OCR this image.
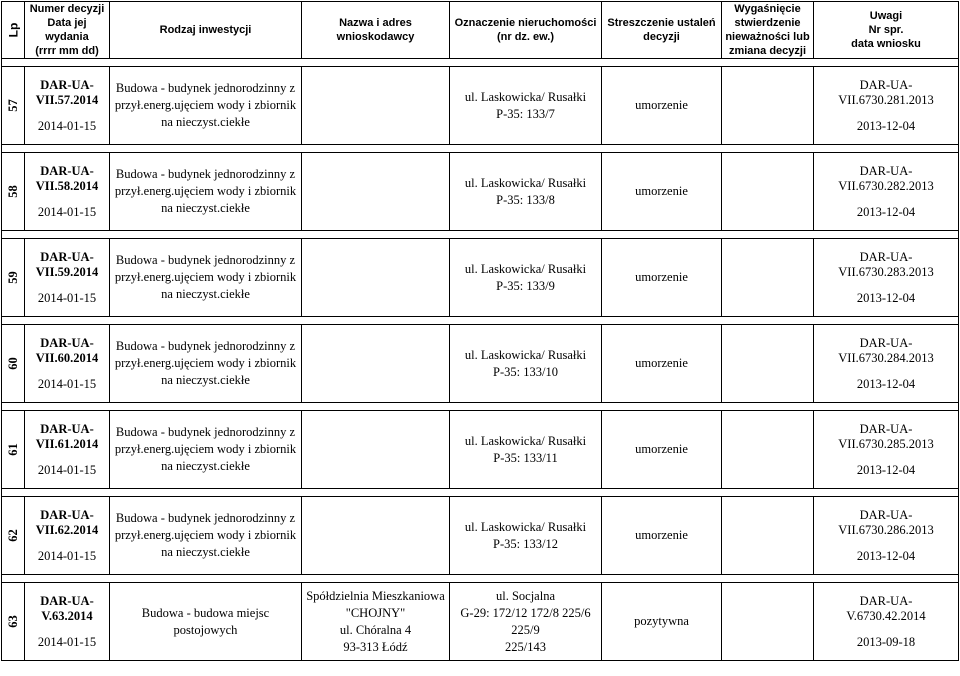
Lp	Numer decyzji
Data jej wydania
(rrrr mm dd)	Rodzaj inwestycji	Nazwa i adres wnioskodawcy	Oznaczenie nieruchomości
(nr dz. ew.)	Streszczenie ustaleń decyzji	Wygaśnięcie
stwierdzenie
nieważności lub
zmiana decyzji	Uwagi
Nr spr.
data wniosku

57	DAR-UA-
VII.57.2014
2014-01-15	Budowa - budynek jednorodzinny z przył.energ.ujęciem wody i zbiornik na nieczyst.ciekłe		ul. Laskowicka/ Rusałki
P-35: 133/7	umorzenie		DAR-UA-
VII.6730.281.2013
2013-12-04

58	DAR-UA-
VII.58.2014
2014-01-15	Budowa - budynek jednorodzinny z przył.energ.ujęciem wody i zbiornik na nieczyst.ciekłe		ul. Laskowicka/ Rusałki
P-35: 133/8	umorzenie		DAR-UA-
VII.6730.282.2013
2013-12-04

59	DAR-UA-
VII.59.2014
2014-01-15	Budowa - budynek jednorodzinny z przył.energ.ujęciem wody i zbiornik na nieczyst.ciekłe		ul. Laskowicka/ Rusałki
P-35: 133/9	umorzenie		DAR-UA-
VII.6730.283.2013
2013-12-04

60	DAR-UA-
VII.60.2014
2014-01-15	Budowa - budynek jednorodzinny z przył.energ.ujęciem wody i zbiornik na nieczyst.ciekłe		ul. Laskowicka/ Rusałki
P-35: 133/10	umorzenie		DAR-UA-
VII.6730.284.2013
2013-12-04

61	DAR-UA-
VII.61.2014
2014-01-15	Budowa - budynek jednorodzinny z przył.energ.ujęciem wody i zbiornik na nieczyst.ciekłe		ul. Laskowicka/ Rusałki
P-35: 133/11	umorzenie		DAR-UA-
VII.6730.285.2013
2013-12-04

62	DAR-UA-
VII.62.2014
2014-01-15	Budowa - budynek jednorodzinny z przył.energ.ujęciem wody i zbiornik na nieczyst.ciekłe		ul. Laskowicka/ Rusałki
P-35: 133/12	umorzenie		DAR-UA-
VII.6730.286.2013
2013-12-04

63	DAR-UA-
V.63.2014
2014-01-15	Budowa - budowa miejsc postojowych	Spółdzielnia Mieszkaniowa
"CHOJNY"
ul. Chóralna 4
93-313 Łódź	ul. Socjalna
G-29: 172/12 172/8 225/6 225/9
225/143	pozytywna		DAR-UA-
V.6730.42.2014
2013-09-18
